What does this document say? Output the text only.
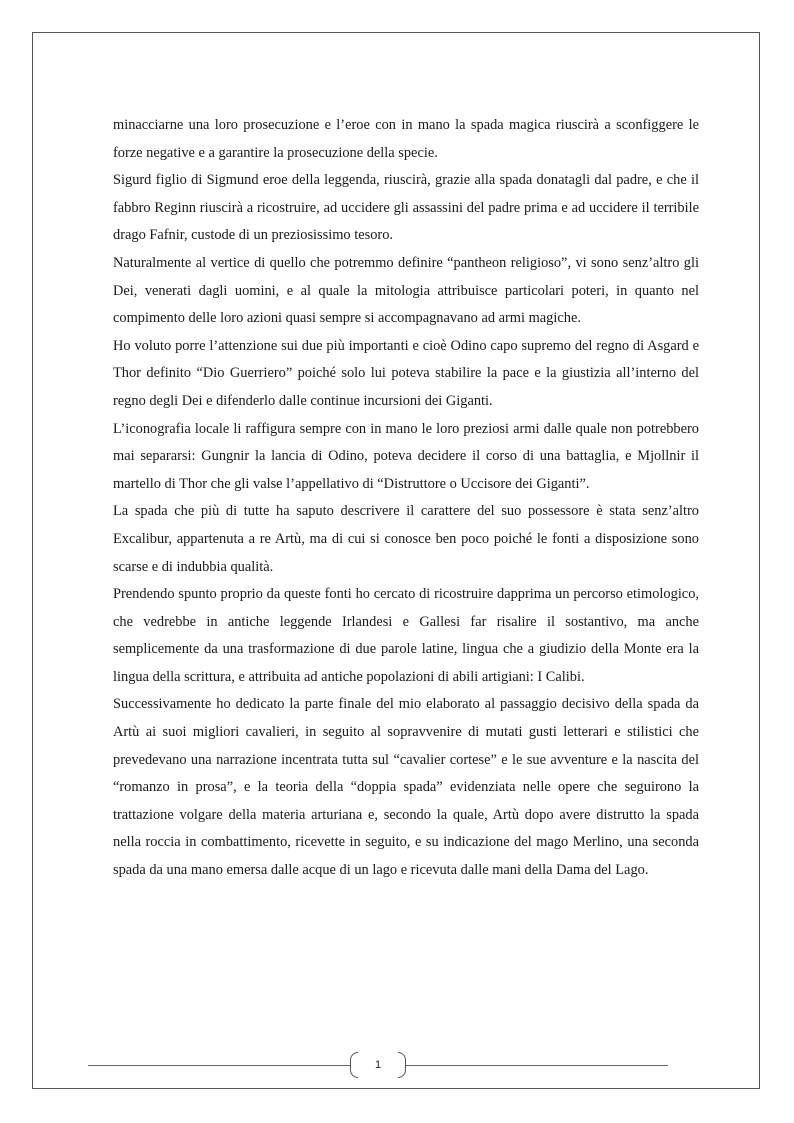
minacciarne una loro prosecuzione e l’eroe con in mano la spada magica riuscirà a sconfiggere le forze negative e a garantire la prosecuzione della specie.

Sigurd figlio di Sigmund eroe della leggenda, riuscirà, grazie alla spada donatagli dal padre, e che il fabbro Reginn riuscirà a ricostruire, ad uccidere gli assassini del padre prima e ad uccidere il terribile drago Fafnir, custode di un preziosissimo tesoro.

Naturalmente al vertice di quello che potremmo definire “pantheon religioso”, vi sono senz’altro gli Dei, venerati dagli uomini, e al quale la mitologia attribuisce particolari poteri, in quanto nel compimento delle loro azioni quasi sempre si accompagnavano ad armi magiche.

Ho voluto porre l’attenzione sui due più importanti e cioè Odino capo supremo del regno di Asgard e Thor definito “Dio Guerriero” poiché solo lui poteva stabilire la pace e la giustizia all’interno del regno degli Dei e difenderlo dalle continue incursioni dei Giganti.

L’iconografia locale li raffigura sempre con in mano le loro preziosi armi dalle quale non potrebbero mai separarsi: Gungnir la lancia di Odino, poteva decidere il corso di una battaglia, e Mjollnir il martello di Thor che gli valse l’appellativo di “Distruttore o Uccisore dei Giganti”.

La spada che più di tutte ha saputo descrivere il carattere del suo possessore è stata senz’altro Excalibur, appartenuta a re Artù, ma di cui si conosce ben poco poiché le fonti a disposizione sono scarse e di indubbia qualità.

Prendendo spunto proprio da queste fonti ho cercato di ricostruire dapprima un percorso etimologico, che vedrebbe in antiche leggende Irlandesi e Gallesi far risalire il sostantivo, ma anche semplicemente da una trasformazione di due parole latine, lingua che a giudizio della Monte era la lingua della scrittura, e attribuita ad antiche popolazioni di abili artigiani: I Calibi.

Successivamente ho dedicato la parte finale del mio elaborato al passaggio decisivo della spada da Artù ai suoi migliori cavalieri, in seguito al sopravvenire di mutati gusti letterari e stilistici che prevedevano una narrazione incentrata tutta sul “cavalier cortese” e le sue avventure e la nascita del “romanzo in prosa”, e la teoria della “doppia spada” evidenziata nelle opere che seguirono la trattazione volgare della materia arturiana e, secondo la quale, Artù dopo avere distrutto la spada nella roccia in combattimento, ricevette in seguito, e su indicazione del mago Merlino, una seconda spada da una mano emersa dalle acque di un lago e ricevuta dalle mani della Dama del Lago.

1
